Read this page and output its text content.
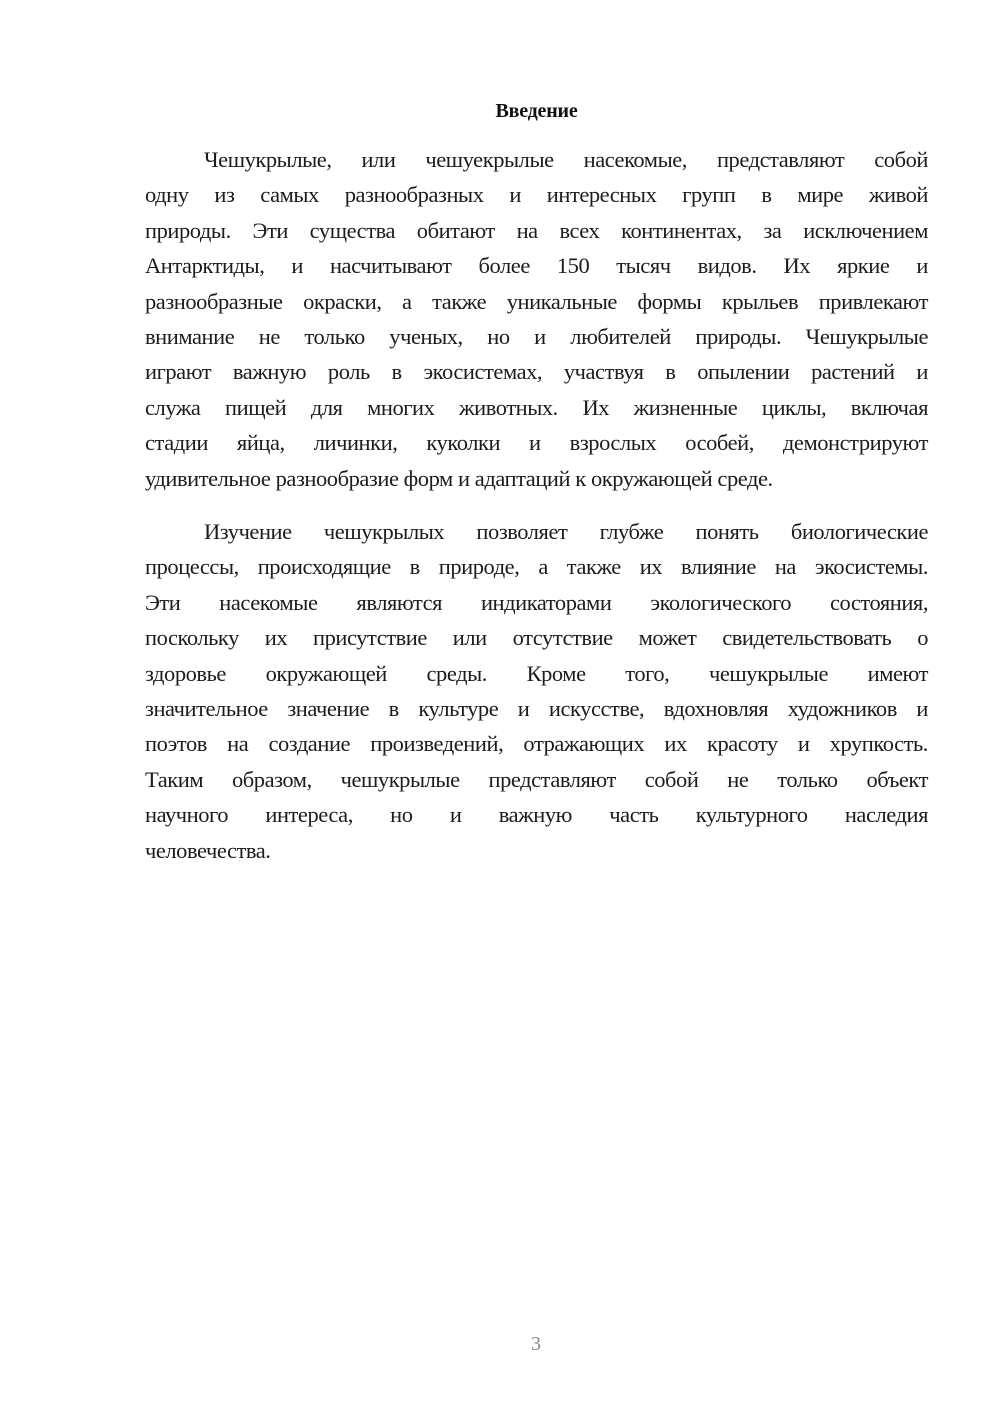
Введение
Чешукрылые, или чешуекрылые насекомые, представляют собой
одну из самых разнообразных и интересных групп в мире живой
природы. Эти существа обитают на всех континентах, за исключением
Антарктиды, и насчитывают более 150 тысяч видов. Их яркие и
разнообразные окраски, а также уникальные формы крыльев привлекают
внимание не только ученых, но и любителей природы. Чешукрылые
играют важную роль в экосистемах, участвуя в опылении растений и
служа пищей для многих животных. Их жизненные циклы, включая
стадии яйца, личинки, куколки и взрослых особей, демонстрируют
удивительное разнообразие форм и адаптаций к окружающей среде.
Изучение чешукрылых позволяет глубже понять биологические
процессы, происходящие в природе, а также их влияние на экосистемы.
Эти насекомые являются индикаторами экологического состояния,
поскольку их присутствие или отсутствие может свидетельствовать о
здоровье окружающей среды. Кроме того, чешукрылые имеют
значительное значение в культуре и искусстве, вдохновляя художников и
поэтов на создание произведений, отражающих их красоту и хрупкость.
Таким образом, чешукрылые представляют собой не только объект
научного интереса, но и важную часть культурного наследия
человечества.
3
